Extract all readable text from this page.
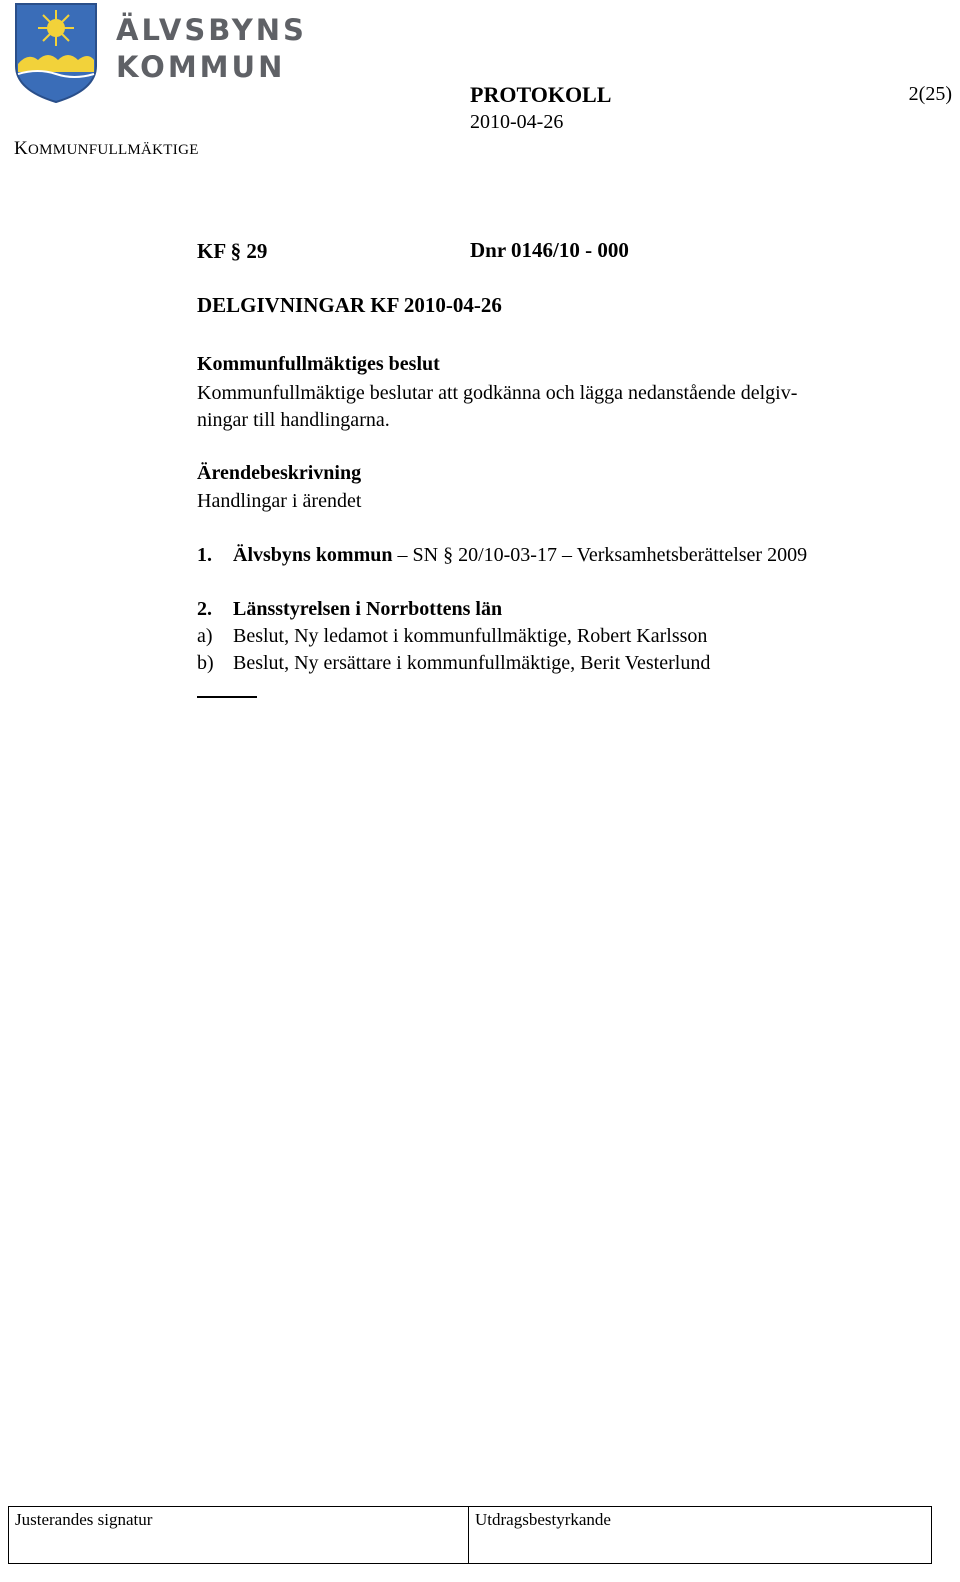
ÄLVSBYNS
KOMMUN
KOMMUNFULLMÄKTIGE
PROTOKOLL
2010-04-26
2(25)
KF § 29	Dnr 0146/10 - 000
DELGIVNINGAR KF 2010-04-26
Kommunfullmäktiges beslut
Kommunfullmäktige beslutar att godkänna och lägga nedanstående delgiv-
ningar till handlingarna.
Ärendebeskrivning
Handlingar i ärendet
1. Älvsbyns kommun – SN § 20/10-03-17 – Verksamhetsberättelser 2009
2. Länsstyrelsen i Norrbottens län
a) Beslut, Ny ledamot i kommunfullmäktige, Robert Karlsson
b) Beslut, Ny ersättare i kommunfullmäktige, Berit Vesterlund
Justerandes signatur	Utdragsbestyrkande
